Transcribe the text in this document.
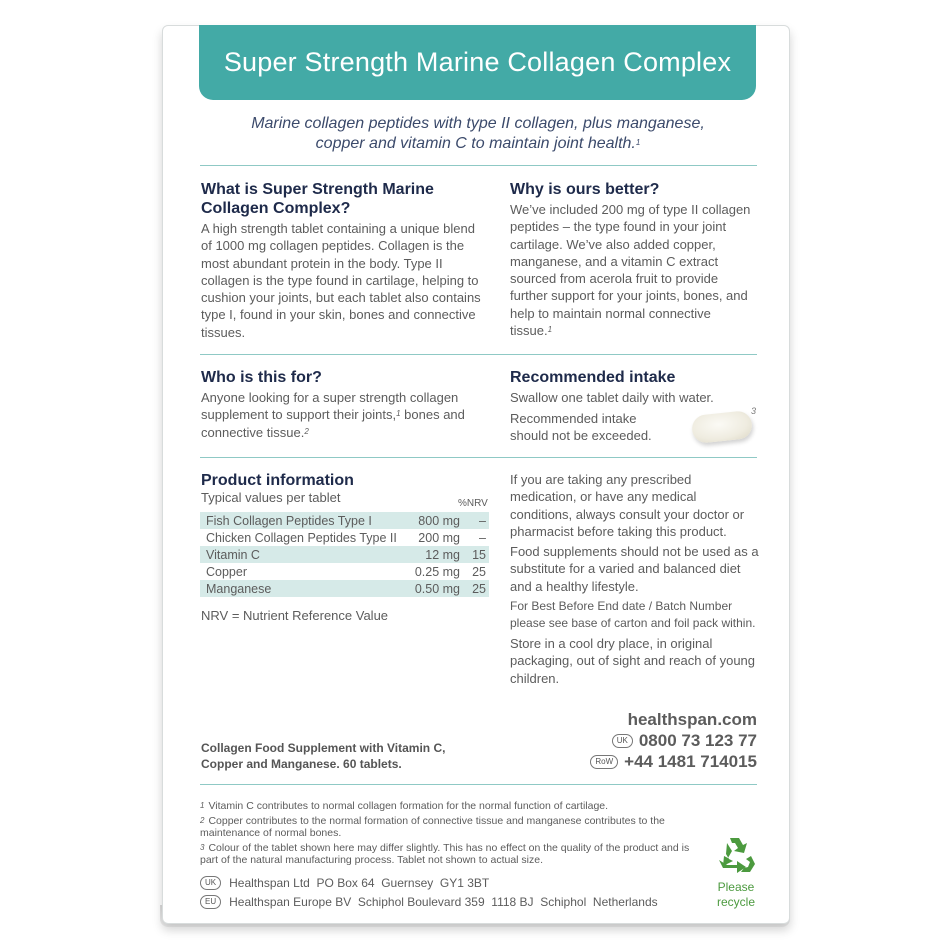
Super Strength Marine Collagen Complex
Marine collagen peptides with type II collagen, plus manganese,
copper and vitamin C to maintain joint health.$^1$
What is Super Strength Marine
Collagen Complex?
A high strength tablet containing a unique blend of 1000 mg collagen peptides. Collagen is the most abundant protein in the body. Type II collagen is the type found in cartilage, helping to cushion your joints, but each tablet also contains type I, found in your skin, bones and connective tissues.
Why is ours better?
We’ve included 200 mg of type II collagen peptides – the type found in your joint cartilage. We’ve also added copper, manganese, and a vitamin C extract sourced from acerola fruit to provide further support for your joints, bones, and help to maintain normal connective tissue.$^1$
Who is this for?
Anyone looking for a super strength collagen supplement to support their joints,$^1$ bones and connective tissue.$^2$
Recommended intake
Swallow one tablet daily with water.
Recommended intake should not be exceeded.
3
Product information
Typical values per tablet	%NRV
Fish Collagen Peptides Type I	800 mg	–
Chicken Collagen Peptides Type II	200 mg	–
Vitamin C	12 mg	15
Copper	0.25 mg	25
Manganese	0.50 mg	25
NRV = Nutrient Reference Value
If you are taking any prescribed medication, or have any medical conditions, always consult your doctor or pharmacist before taking this product.
Food supplements should not be used as a substitute for a varied and balanced diet and a healthy lifestyle.
For Best Before End date / Batch Number please see base of carton and foil pack within.
Store in a cool dry place, in original packaging, out of sight and reach of young children.
Collagen Food Supplement with Vitamin C,
Copper and Manganese. 60 tablets.
healthspan.com
UK 0800 73 123 77
RoW +44 1481 714015
$^1$ Vitamin C contributes to normal collagen formation for the normal function of cartilage.
$^2$ Copper contributes to the normal formation of connective tissue and manganese contributes to the maintenance of normal bones.
$^3$ Colour of the tablet shown here may differ slightly. This has no effect on the quality of the product and is part of the natural manufacturing process. Tablet not shown to actual size.
UK	Healthspan Ltd  PO Box 64  Guernsey  GY1 3BT
EU	Healthspan Europe BV  Schiphol Boulevard 359  1118 BJ  Schiphol  Netherlands
Please
recycle
